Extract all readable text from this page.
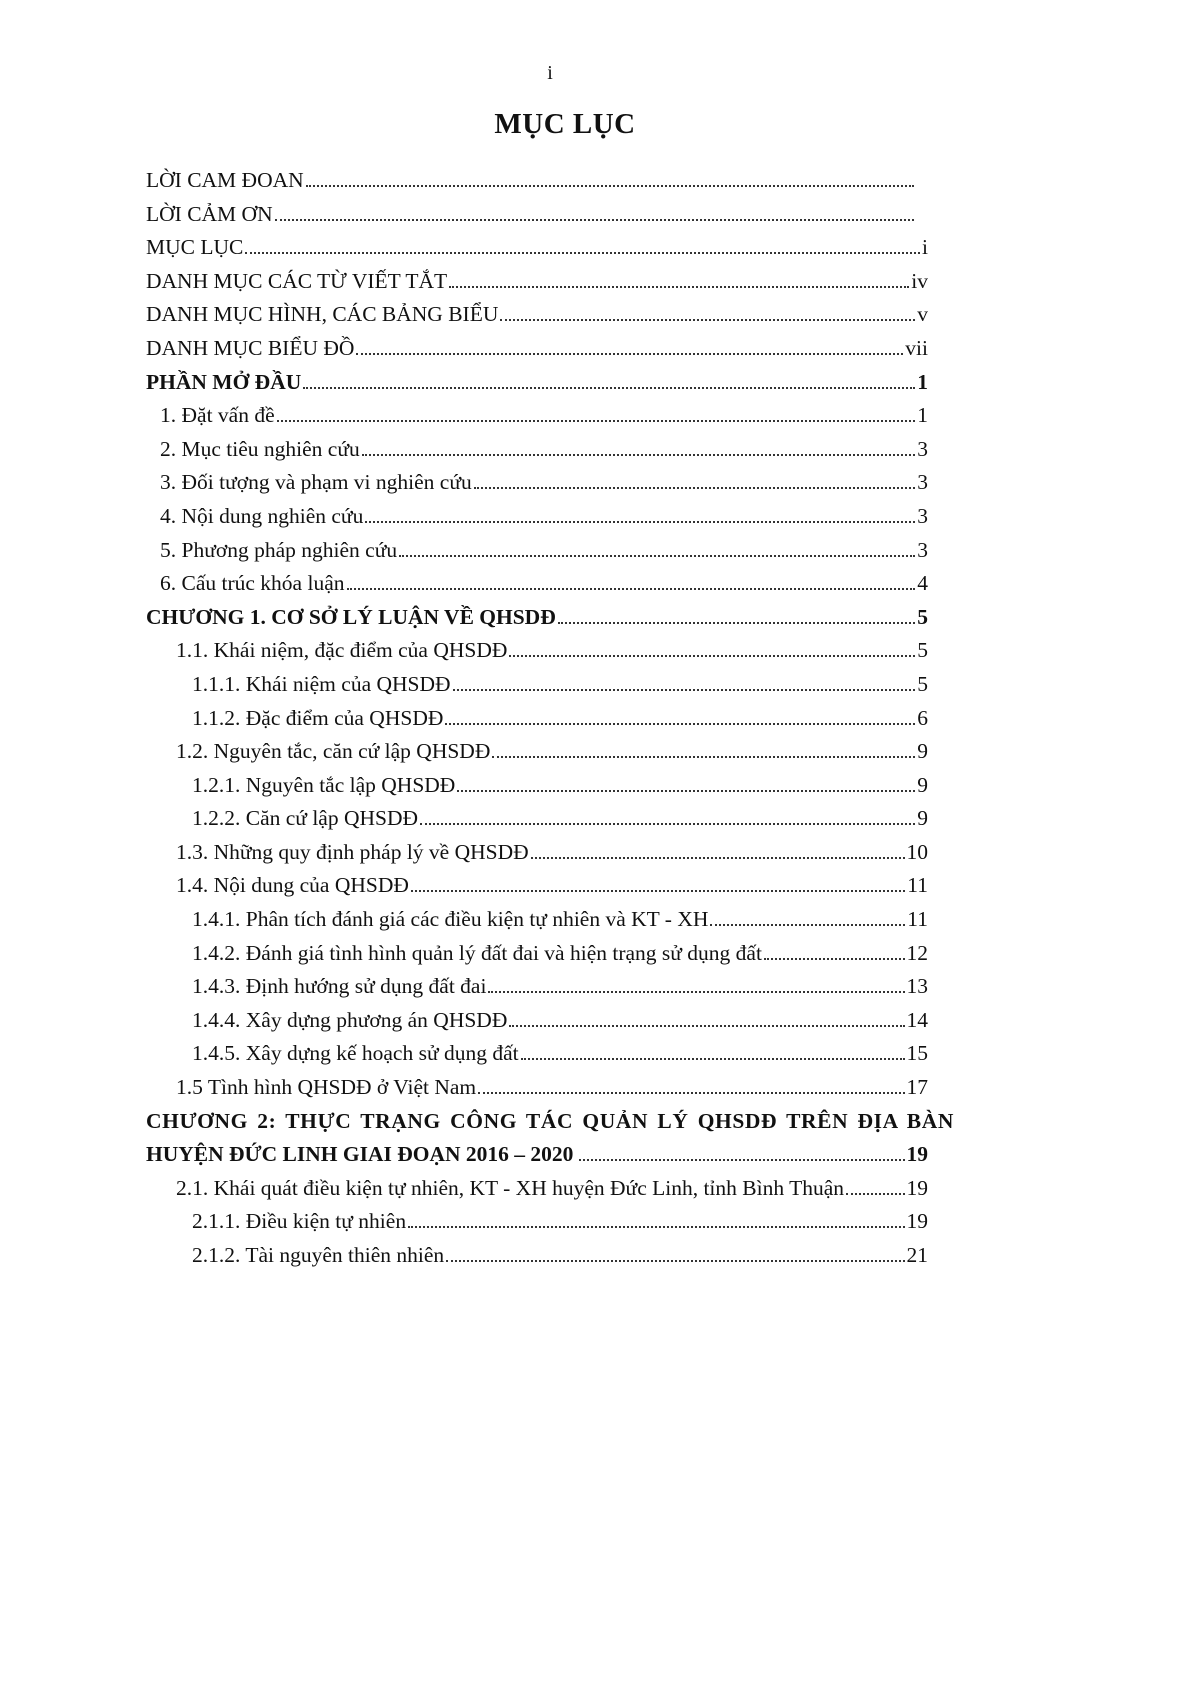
i
MỤC LỤC
LỜI CAM ĐOAN
LỜI CẢM ƠN
MỤC LỤC	i
DANH MỤC CÁC TỪ VIẾT TẮT	iv
DANH MỤC HÌNH, CÁC BẢNG BIỂU	v
DANH MỤC BIỂU ĐỒ	vii
PHẦN MỞ ĐẦU	1
1. Đặt vấn đề	1
2. Mục tiêu nghiên cứu	3
3. Đối tượng và phạm vi nghiên cứu	3
4. Nội dung nghiên cứu	3
5. Phương pháp nghiên cứu	3
6. Cấu trúc khóa luận	4
CHƯƠNG 1. CƠ SỞ LÝ LUẬN VỀ QHSDĐ	5
1.1. Khái niệm, đặc điểm của QHSDĐ	5
1.1.1. Khái niệm của QHSDĐ	5
1.1.2. Đặc điểm của QHSDĐ	6
1.2. Nguyên tắc, căn cứ lập QHSDĐ	9
1.2.1. Nguyên tắc lập QHSDĐ	9
1.2.2. Căn cứ lập QHSDĐ	9
1.3. Những quy định pháp lý về QHSDĐ	10
1.4. Nội dung của QHSDĐ	11
1.4.1. Phân tích đánh giá các điều kiện tự nhiên và KT - XH	11
1.4.2. Đánh giá tình hình quản lý đất đai và hiện trạng sử dụng đất	12
1.4.3. Định hướng sử dụng đất đai	13
1.4.4. Xây dựng phương án QHSDĐ	14
1.4.5. Xây dựng kế hoạch sử dụng đất	15
1.5 Tình hình QHSDĐ ở Việt Nam	17
CHƯƠNG 2: THỰC TRẠNG CÔNG TÁC QUẢN LÝ QHSDĐ TRÊN ĐỊA BÀN
HUYỆN ĐỨC LINH GIAI ĐOẠN 2016 – 2020	19
2.1. Khái quát điều kiện tự nhiên, KT - XH huyện Đức Linh, tỉnh Bình Thuận	19
2.1.1. Điều kiện tự nhiên	19
2.1.2. Tài nguyên thiên nhiên	21
